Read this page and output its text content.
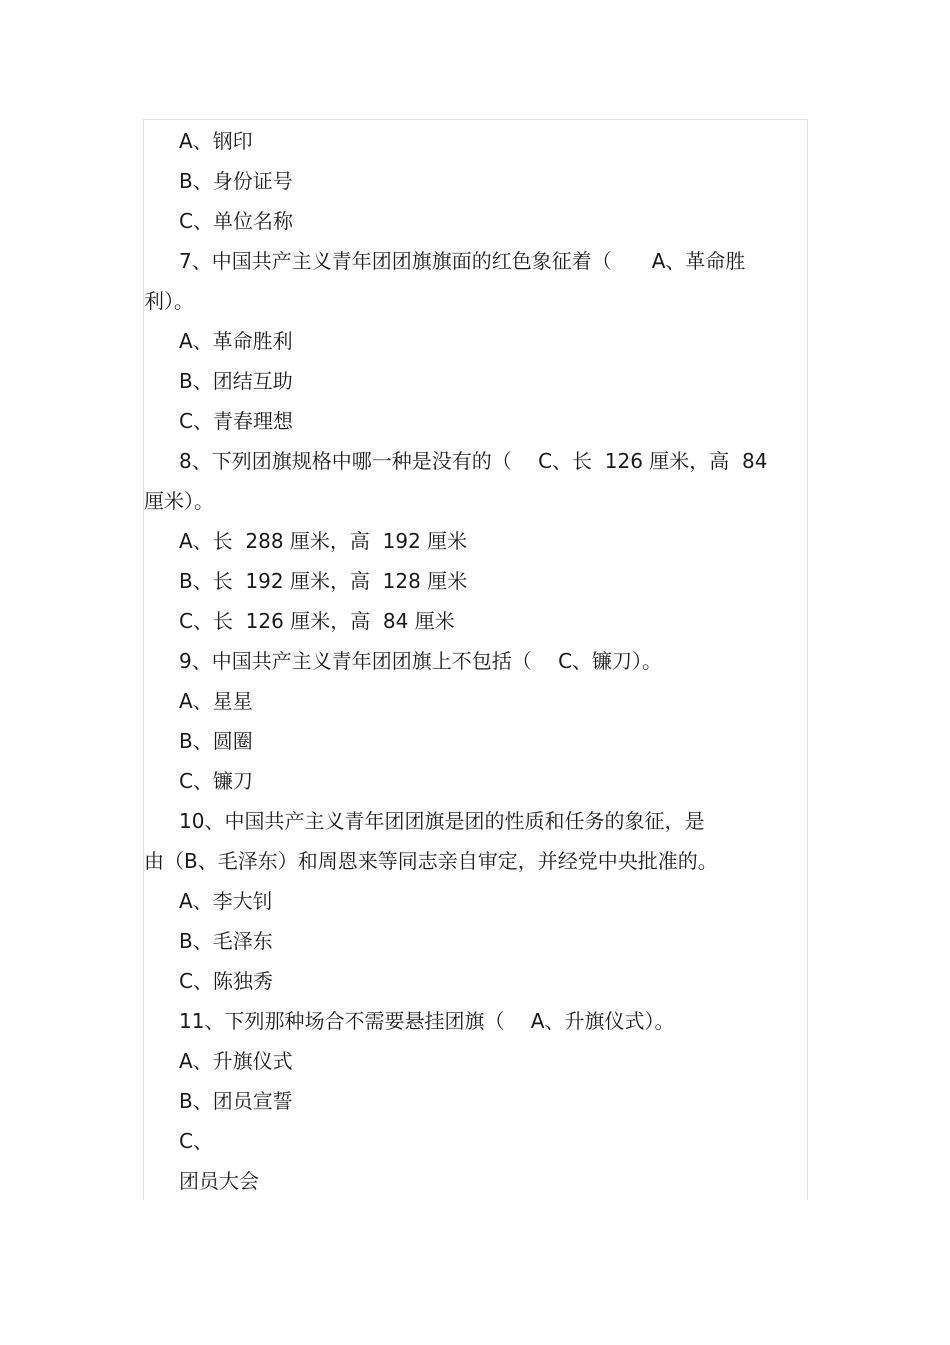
A、钢印
B、身份证号
C、单位名称
7、中国共产主义青年团团旗旗面的红色象征着（　　A、革命胜
利）。
A、革命胜利
B、团结互助
C、青春理想
8、下列团旗规格中哪一种是没有的（　 C、长  126 厘米，高  84
厘米）。
A、长  288 厘米，高  192 厘米
B、长  192 厘米，高  128 厘米
C、长  126 厘米，高  84 厘米
9、中国共产主义青年团团旗上不包括（　 C、镰刀）。
A、星星
B、圆圈
C、镰刀
10、中国共产主义青年团团旗是团的性质和任务的象征，是
由（B、毛泽东）和周恩来等同志亲自审定，并经党中央批准的。
A、李大钊
B、毛泽东
C、陈独秀
11、下列那种场合不需要悬挂团旗（　 A、升旗仪式）。
A、升旗仪式
B、团员宣誓
C、
团员大会
